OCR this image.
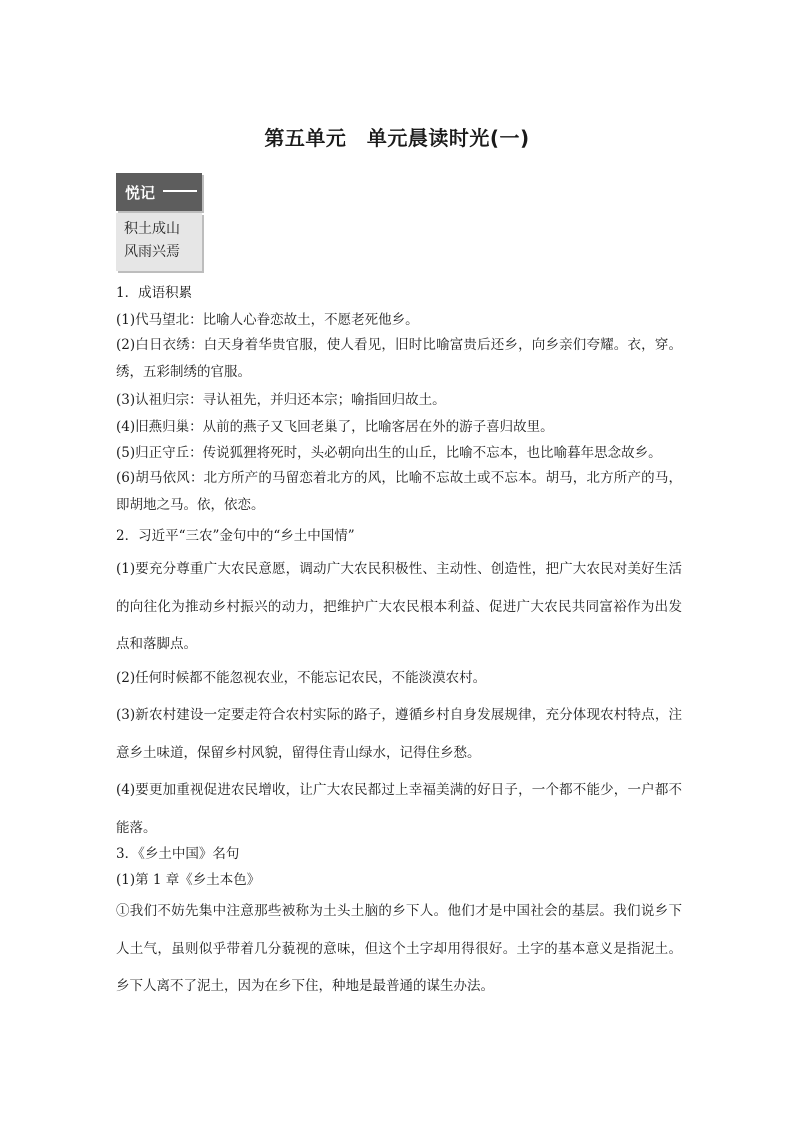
第五单元　单元晨读时光(一)
悦记
积土成山
风雨兴焉
1．成语积累
(1)代马望北：比喻人心眷恋故土，不愿老死他乡。
(2)白日衣绣：白天身着华贵官服，使人看见，旧时比喻富贵后还乡，向乡亲们夸耀。衣，穿。绣，五彩制绣的官服。
(3)认祖归宗：寻认祖先，并归还本宗；喻指回归故土。
(4)旧燕归巢：从前的燕子又飞回老巢了，比喻客居在外的游子喜归故里。
(5)归正守丘：传说狐狸将死时，头必朝向出生的山丘，比喻不忘本，也比喻暮年思念故乡。
(6)胡马依风：北方所产的马留恋着北方的风，比喻不忘故土或不忘本。胡马，北方所产的马，即胡地之马。依，依恋。
2．习近平“三农”金句中的“乡土中国情”
(1)要充分尊重广大农民意愿，调动广大农民积极性、主动性、创造性，把广大农民对美好生活的向往化为推动乡村振兴的动力，把维护广大农民根本利益、促进广大农民共同富裕作为出发点和落脚点。
(2)任何时候都不能忽视农业，不能忘记农民，不能淡漠农村。
(3)新农村建设一定要走符合农村实际的路子，遵循乡村自身发展规律，充分体现农村特点，注意乡土味道，保留乡村风貌，留得住青山绿水，记得住乡愁。
(4)要更加重视促进农民增收，让广大农民都过上幸福美满的好日子，一个都不能少，一户都不能落。
3．《乡土中国》名句
(1)第 1 章《乡土本色》
①我们不妨先集中注意那些被称为土头土脑的乡下人。他们才是中国社会的基层。我们说乡下人土气，虽则似乎带着几分藐视的意味，但这个土字却用得很好。土字的基本意义是指泥土。乡下人离不了泥土，因为在乡下住，种地是最普通的谋生办法。
